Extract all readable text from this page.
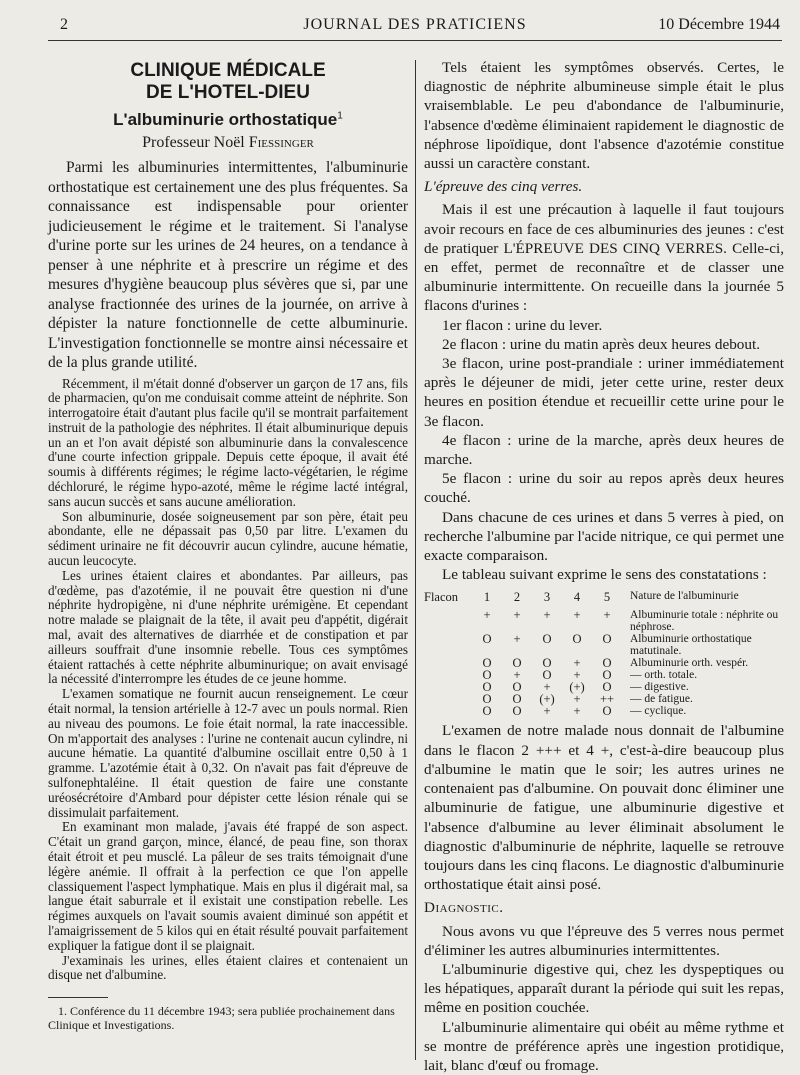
2	JOURNAL DES PRATICIENS	10 Décembre 1944
CLINIQUE MÉDICALE
DE L'HOTEL-DIEU
L'albuminurie orthostatique$^1$
Professeur Noël Fiessinger

Parmi les albuminuries intermittentes, l'albuminurie orthostatique est certainement une des plus fréquentes. Sa connaissance est indispensable pour orienter judicieusement le régime et le traitement. Si l'analyse d'urine porte sur les urines de 24 heures, on a tendance à penser à une néphrite et à prescrire un régime et des mesures d'hygiène beaucoup plus sévères que si, par une analyse fractionnée des urines de la journée, on arrive à dépister la nature fonctionnelle de cette albuminurie. L'investigation fonctionnelle se montre ainsi nécessaire et de la plus grande utilité.

Récemment, il m'était donné d'observer un garçon de 17 ans, fils de pharmacien, qu'on me conduisait comme atteint de néphrite. Son interrogatoire était d'autant plus facile qu'il se montrait parfaitement instruit de la pathologie des néphrites. Il était albuminurique depuis un an et l'on avait dépisté son albuminurie dans la convalescence d'une courte infection grippale. Depuis cette époque, il avait été soumis à différents régimes; le régime lacto-végétarien, le régime déchloruré, le régime hypo-azoté, même le régime lacté intégral, sans aucun succès et sans aucune amélioration.

Son albuminurie, dosée soigneusement par son père, était peu abondante, elle ne dépassait pas 0,50 par litre. L'examen du sédiment urinaire ne fit découvrir aucun cylindre, aucune hématie, aucun leucocyte.

Les urines étaient claires et abondantes. Par ailleurs, pas d'œdème, pas d'azotémie, il ne pouvait être question ni d'une néphrite hydropigène, ni d'une néphrite urémigène. Et cependant notre malade se plaignait de la tête, il avait peu d'appétit, digérait mal, avait des alternatives de diarrhée et de constipation et par ailleurs souffrait d'une insomnie rebelle. Tous ces symptômes étaient rattachés à cette néphrite albuminurique; on avait envisagé la nécessité d'interrompre les études de ce jeune homme.

L'examen somatique ne fournit aucun renseignement. Le cœur était normal, la tension artérielle à 12-7 avec un pouls normal. Rien au niveau des poumons. Le foie était normal, la rate inaccessible. On m'apportait des analyses : l'urine ne contenait aucun cylindre, ni aucune hématie. La quantité d'albumine oscillait entre 0,50 à 1 gramme. L'azotémie était à 0,32. On n'avait pas fait d'épreuve de sulfonephtaléine. Il était question de faire une constante uréosécrétoire d'Ambard pour dépister cette lésion rénale qui se dissimulait parfaitement.

En examinant mon malade, j'avais été frappé de son aspect. C'était un grand garçon, mince, élancé, de peau fine, son thorax était étroit et peu musclé. La pâleur de ses traits témoignait d'une légère anémie. Il offrait à la perfection ce que l'on appelle classiquement l'aspect lymphatique. Mais en plus il digérait mal, sa langue était saburrale et il existait une constipation rebelle. Les régimes auxquels on l'avait soumis avaient diminué son appétit et l'amaigrissement de 5 kilos qui en était résulté pouvait parfaitement expliquer la fatigue dont il se plaignait.

J'examinais les urines, elles étaient claires et contenaient un disque net d'albumine.

1. Conférence du 11 décembre 1943; sera publiée prochainement dans Clinique et Investigations.

Tels étaient les symptômes observés. Certes, le diagnostic de néphrite albumineuse simple était le plus vraisemblable. Le peu d'abondance de l'albuminurie, l'absence d'œdème éliminaient rapidement le diagnostic de néphrose lipoïdique, dont l'absence d'azotémie constitue aussi un caractère constant.

L'épreuve des cinq verres.

Mais il est une précaution à laquelle il faut toujours avoir recours en face de ces albuminuries des jeunes : c'est de pratiquer L'ÉPREUVE DES CINQ VERRES. Celle-ci, en effet, permet de reconnaître et de classer une albuminurie intermittente. On recueille dans la journée 5 flacons d'urines :

1er flacon : urine du lever.

2e flacon : urine du matin après deux heures debout.

3e flacon, urine post-prandiale : uriner immédiatement après le déjeuner de midi, jeter cette urine, rester deux heures en position étendue et recueillir cette urine pour le 3e flacon.

4e flacon : urine de la marche, après deux heures de marche.

5e flacon : urine du soir au repos après deux heures couché.

Dans chacune de ces urines et dans 5 verres à pied, on recherche l'albumine par l'acide nitrique, ce qui permet une exacte comparaison.

Le tableau suivant exprime le sens des constatations :

Flacon	1	2	3	4	5	Nature de l'albuminurie
+	+	+	+	+	Albuminurie totale : néphrite ou néphrose.
O	+	O	O	O	Albuminurie orthostatique matutinale.
O	O	O	+	O	Albuminurie orth. vespér.
O	+	O	+	O	— orth. totale.
O	O	+	(+)	O	— digestive.
O	O	(+)	+	++	— de fatigue.
O	O	+	+	O	— cyclique.

L'examen de notre malade nous donnait de l'albumine dans le flacon 2 +++ et 4 +, c'est-à-dire beaucoup plus d'albumine le matin que le soir; les autres urines ne contenaient pas d'albumine. On pouvait donc éliminer une albuminurie de fatigue, une albuminurie digestive et l'absence d'albumine au lever éliminait absolument le diagnostic d'albuminurie de néphrite, laquelle se retrouve toujours dans les cinq flacons. Le diagnostic d'albuminurie orthostatique était ainsi posé.

Diagnostic.

Nous avons vu que l'épreuve des 5 verres nous permet d'éliminer les autres albuminuries intermittentes.

L'albuminurie digestive qui, chez les dyspeptiques ou les hépatiques, apparaît durant la période qui suit les repas, même en position couchée.

L'albuminurie alimentaire qui obéit au même rythme et se montre de préférence après une ingestion protidique, lait, blanc d'œuf ou fromage.
